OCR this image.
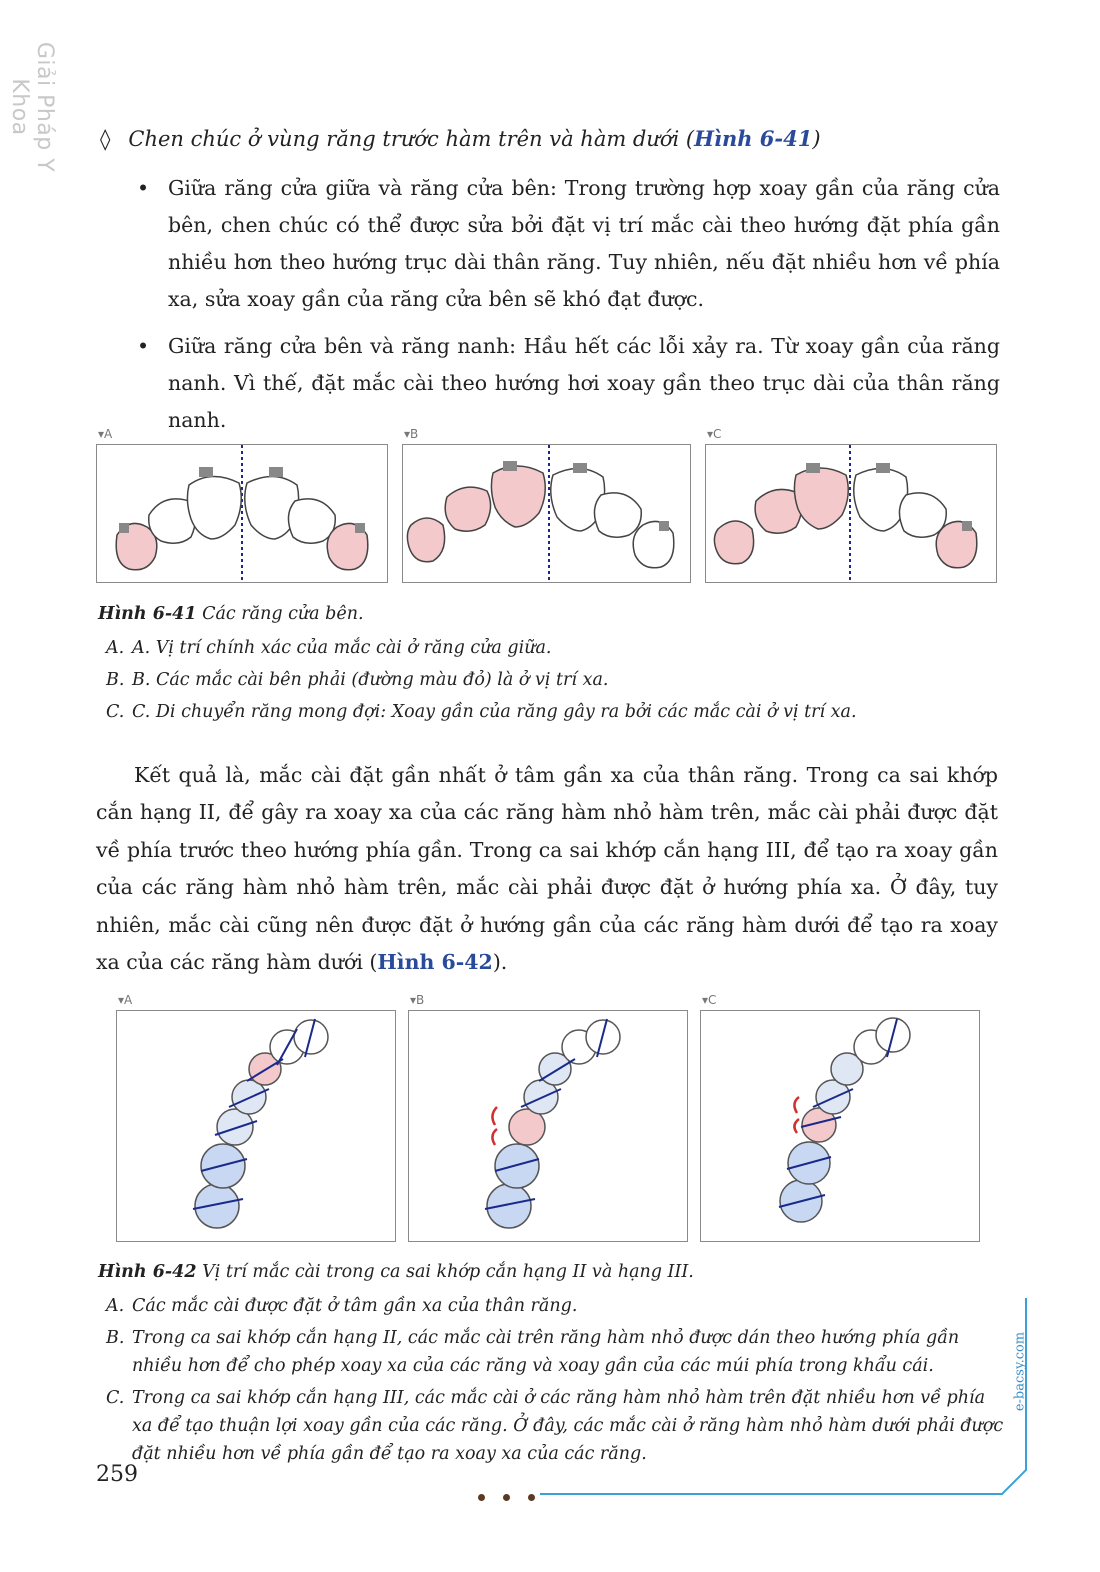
Giải Pháp Y Khoa
◊ Chen chúc ở vùng răng trước hàm trên và hàm dưới (Hình 6-41)
• Giữa răng cửa giữa và răng cửa bên: Trong trường hợp xoay gần của răng cửa bên, chen chúc có thể được sửa bởi đặt vị trí mắc cài theo hướng đặt phía gần nhiều hơn theo hướng trục dài thân răng. Tuy nhiên, nếu đặt nhiều hơn về phía xa, sửa xoay gần của răng cửa bên sẽ khó đạt được.
• Giữa răng cửa bên và răng nanh: Hầu hết các lỗi xảy ra. Từ xoay gần của răng nanh. Vì thế, đặt mắc cài theo hướng hơi xoay gần theo trục dài của thân răng nanh.
▾A	▾B	▾C
Hình 6-41 Các răng cửa bên.
A. A. Vị trí chính xác của mắc cài ở răng cửa giữa.
B. B. Các mắc cài bên phải (đường màu đỏ) là ở vị trí xa.
C. C. Di chuyển răng mong đợi: Xoay gần của răng gây ra bởi các mắc cài ở vị trí xa.
Kết quả là, mắc cài đặt gần nhất ở tâm gần xa của thân răng. Trong ca sai khớp cắn hạng II, để gây ra xoay xa của các răng hàm nhỏ hàm trên, mắc cài phải được đặt về phía trước theo hướng phía gần. Trong ca sai khớp cắn hạng III, để tạo ra xoay gần của các răng hàm nhỏ hàm trên, mắc cài phải được đặt ở hướng phía xa. Ở đây, tuy nhiên, mắc cài cũng nên được đặt ở hướng gần của các răng hàm dưới để tạo ra xoay xa của các răng hàm dưới (Hình 6-42).
▾A	▾B	▾C
Hình 6-42 Vị trí mắc cài trong ca sai khớp cắn hạng II và hạng III.
A. Các mắc cài được đặt ở tâm gần xa của thân răng.
B. Trong ca sai khớp cắn hạng II, các mắc cài trên răng hàm nhỏ được dán theo hướng phía gần nhiều hơn để cho phép xoay xa của các răng và xoay gần của các múi phía trong khẩu cái.
C. Trong ca sai khớp cắn hạng III, các mắc cài ở các răng hàm nhỏ hàm trên đặt nhiều hơn về phía xa để tạo thuận lợi xoay gần của các răng. Ở đây, các mắc cài ở răng hàm nhỏ hàm dưới phải được đặt nhiều hơn về phía gần để tạo ra xoay xa của các răng.
259
e-bacsy.com
